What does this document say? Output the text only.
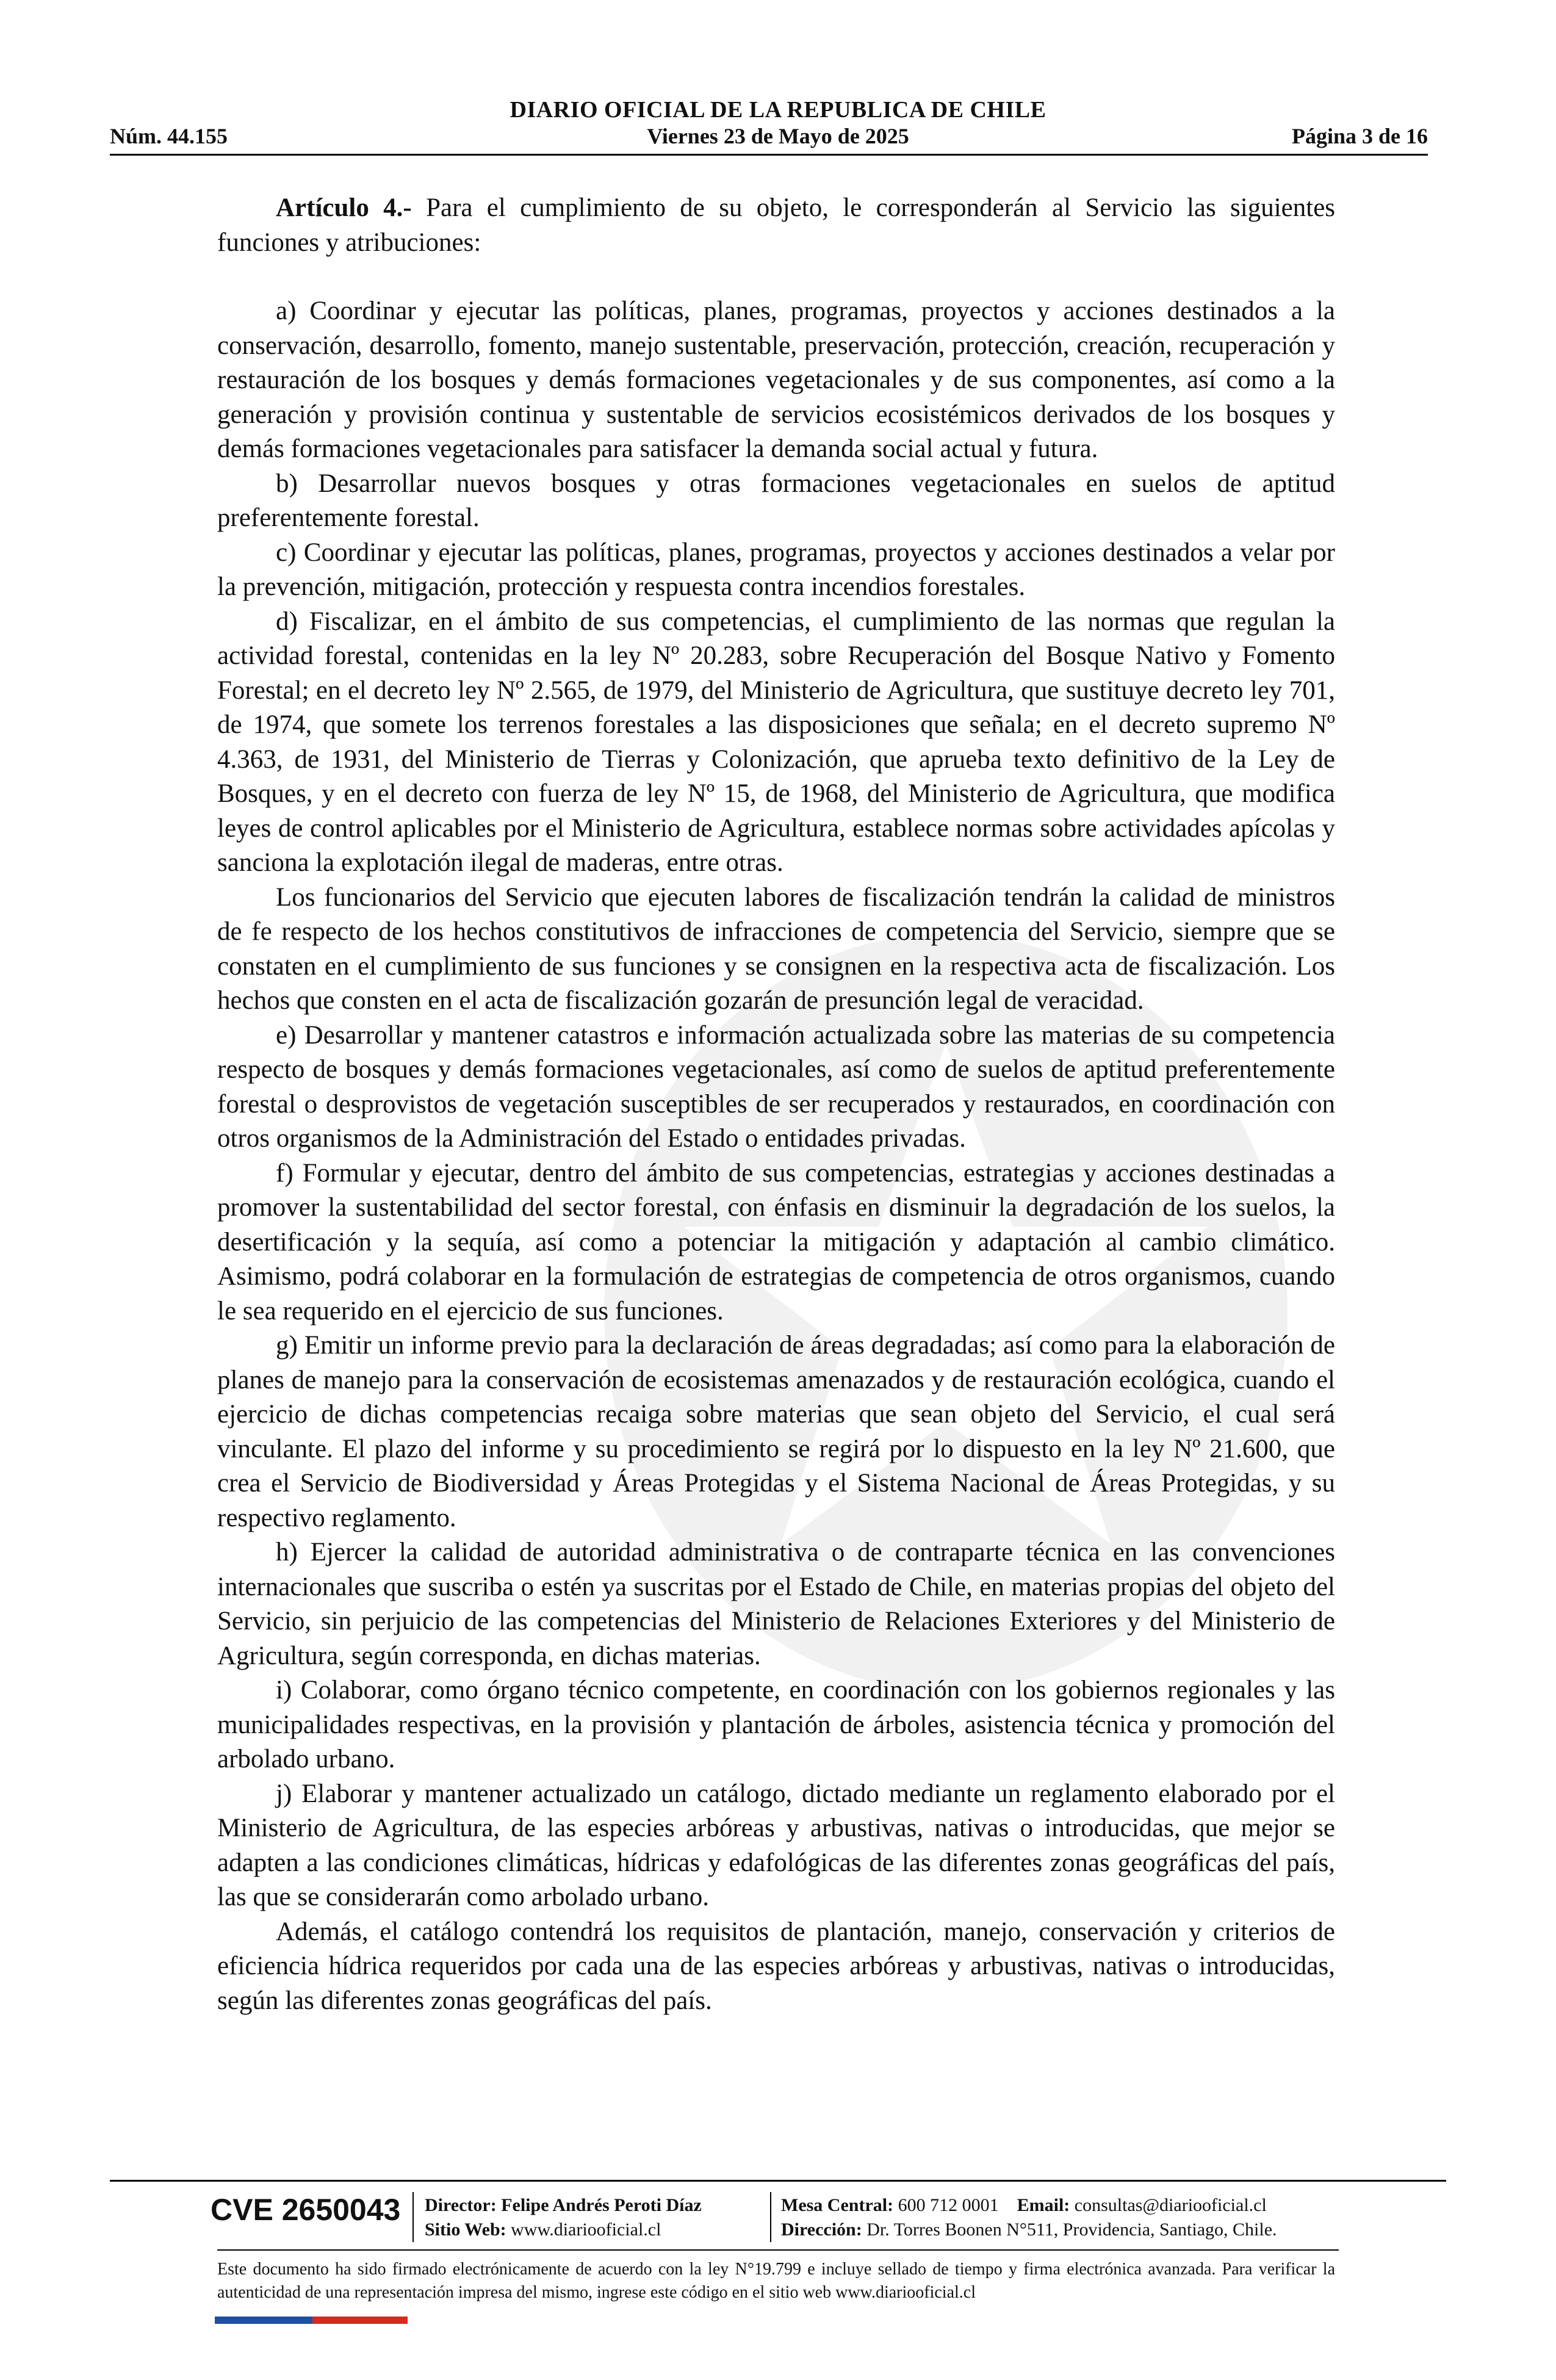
DIARIO OFICIAL DE LA REPUBLICA DE CHILE
Núm. 44.155	Viernes 23 de Mayo de 2025	Página 3 de 16

Artículo 4.- Para el cumplimiento de su objeto, le corresponderán al Servicio las siguientes funciones y atribuciones:

a) Coordinar y ejecutar las políticas, planes, programas, proyectos y acciones destinados a la conservación, desarrollo, fomento, manejo sustentable, preservación, protección, creación, recuperación y restauración de los bosques y demás formaciones vegetacionales y de sus componentes, así como a la generación y provisión continua y sustentable de servicios ecosistémicos derivados de los bosques y demás formaciones vegetacionales para satisfacer la demanda social actual y futura.

b) Desarrollar nuevos bosques y otras formaciones vegetacionales en suelos de aptitud preferentemente forestal.

c) Coordinar y ejecutar las políticas, planes, programas, proyectos y acciones destinados a velar por la prevención, mitigación, protección y respuesta contra incendios forestales.

d) Fiscalizar, en el ámbito de sus competencias, el cumplimiento de las normas que regulan la actividad forestal, contenidas en la ley Nº 20.283, sobre Recuperación del Bosque Nativo y Fomento Forestal; en el decreto ley Nº 2.565, de 1979, del Ministerio de Agricultura, que sustituye decreto ley 701, de 1974, que somete los terrenos forestales a las disposiciones que señala; en el decreto supremo Nº 4.363, de 1931, del Ministerio de Tierras y Colonización, que aprueba texto definitivo de la Ley de Bosques, y en el decreto con fuerza de ley Nº 15, de 1968, del Ministerio de Agricultura, que modifica leyes de control aplicables por el Ministerio de Agricultura, establece normas sobre actividades apícolas y sanciona la explotación ilegal de maderas, entre otras.

Los funcionarios del Servicio que ejecuten labores de fiscalización tendrán la calidad de ministros de fe respecto de los hechos constitutivos de infracciones de competencia del Servicio, siempre que se constaten en el cumplimiento de sus funciones y se consignen en la respectiva acta de fiscalización. Los hechos que consten en el acta de fiscalización gozarán de presunción legal de veracidad.

e) Desarrollar y mantener catastros e información actualizada sobre las materias de su competencia respecto de bosques y demás formaciones vegetacionales, así como de suelos de aptitud preferentemente forestal o desprovistos de vegetación susceptibles de ser recuperados y restaurados, en coordinación con otros organismos de la Administración del Estado o entidades privadas.

f) Formular y ejecutar, dentro del ámbito de sus competencias, estrategias y acciones destinadas a promover la sustentabilidad del sector forestal, con énfasis en disminuir la degradación de los suelos, la desertificación y la sequía, así como a potenciar la mitigación y adaptación al cambio climático. Asimismo, podrá colaborar en la formulación de estrategias de competencia de otros organismos, cuando le sea requerido en el ejercicio de sus funciones.

g) Emitir un informe previo para la declaración de áreas degradadas; así como para la elaboración de planes de manejo para la conservación de ecosistemas amenazados y de restauración ecológica, cuando el ejercicio de dichas competencias recaiga sobre materias que sean objeto del Servicio, el cual será vinculante. El plazo del informe y su procedimiento se regirá por lo dispuesto en la ley Nº 21.600, que crea el Servicio de Biodiversidad y Áreas Protegidas y el Sistema Nacional de Áreas Protegidas, y su respectivo reglamento.

h) Ejercer la calidad de autoridad administrativa o de contraparte técnica en las convenciones internacionales que suscriba o estén ya suscritas por el Estado de Chile, en materias propias del objeto del Servicio, sin perjuicio de las competencias del Ministerio de Relaciones Exteriores y del Ministerio de Agricultura, según corresponda, en dichas materias.

i) Colaborar, como órgano técnico competente, en coordinación con los gobiernos regionales y las municipalidades respectivas, en la provisión y plantación de árboles, asistencia técnica y promoción del arbolado urbano.

j) Elaborar y mantener actualizado un catálogo, dictado mediante un reglamento elaborado por el Ministerio de Agricultura, de las especies arbóreas y arbustivas, nativas o introducidas, que mejor se adapten a las condiciones climáticas, hídricas y edafológicas de las diferentes zonas geográficas del país, las que se considerarán como arbolado urbano.

Además, el catálogo contendrá los requisitos de plantación, manejo, conservación y criterios de eficiencia hídrica requeridos por cada una de las especies arbóreas y arbustivas, nativas o introducidas, según las diferentes zonas geográficas del país.

CVE 2650043 Director: Felipe Andrés Peroti Díaz
Sitio Web: www.diariooficial.cl
Mesa Central: 600 712 0001 Email: consultas@diariooficial.cl
Dirección: Dr. Torres Boonen N°511, Providencia, Santiago, Chile.
Este documento ha sido firmado electrónicamente de acuerdo con la ley N°19.799 e incluye sellado de tiempo y firma electrónica avanzada. Para verificar la autenticidad de una representación impresa del mismo, ingrese este código en el sitio web www.diariooficial.cl
